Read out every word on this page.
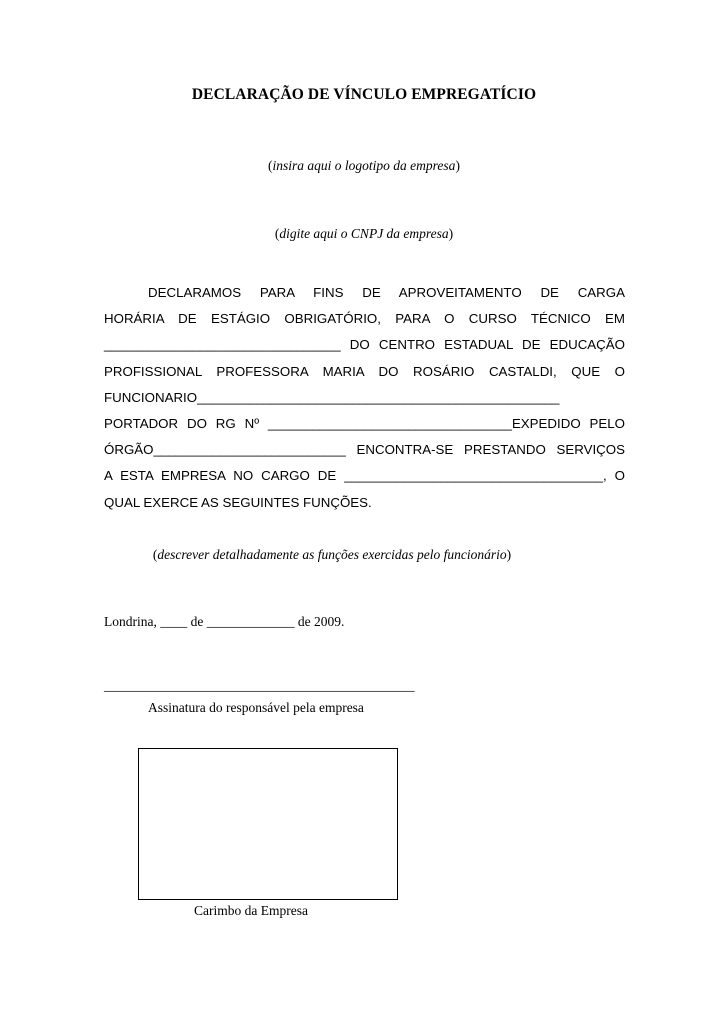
DECLARAÇÃO DE VÍNCULO EMPREGATÍCIO
(insira aqui o logotipo da empresa)
(digite aqui o CNPJ da empresa)
DECLARAMOS PARA FINS DE APROVEITAMENTO DE CARGA
HORÁRIA DE ESTÁGIO OBRIGATÓRIO, PARA O CURSO TÉCNICO EM
________________________________ DO CENTRO ESTADUAL DE EDUCAÇÃO
PROFISSIONAL PROFESSORA MARIA DO ROSÁRIO CASTALDI, QUE O
FUNCIONARIO_________________________________________________
PORTADOR DO RG Nº _________________________________EXPEDIDO PELO
ÓRGÃO__________________________ ENCONTRA-SE PRESTANDO SERVIÇOS
A ESTA EMPRESA NO CARGO DE ___________________________________, O
QUAL EXERCE AS SEGUINTES FUNÇÕES.
(descrever detalhadamente as funções exercidas pelo funcionário)
Londrina, ____ de _____________ de 2009.
______________________________________________
Assinatura do responsável pela empresa
Carimbo da Empresa
